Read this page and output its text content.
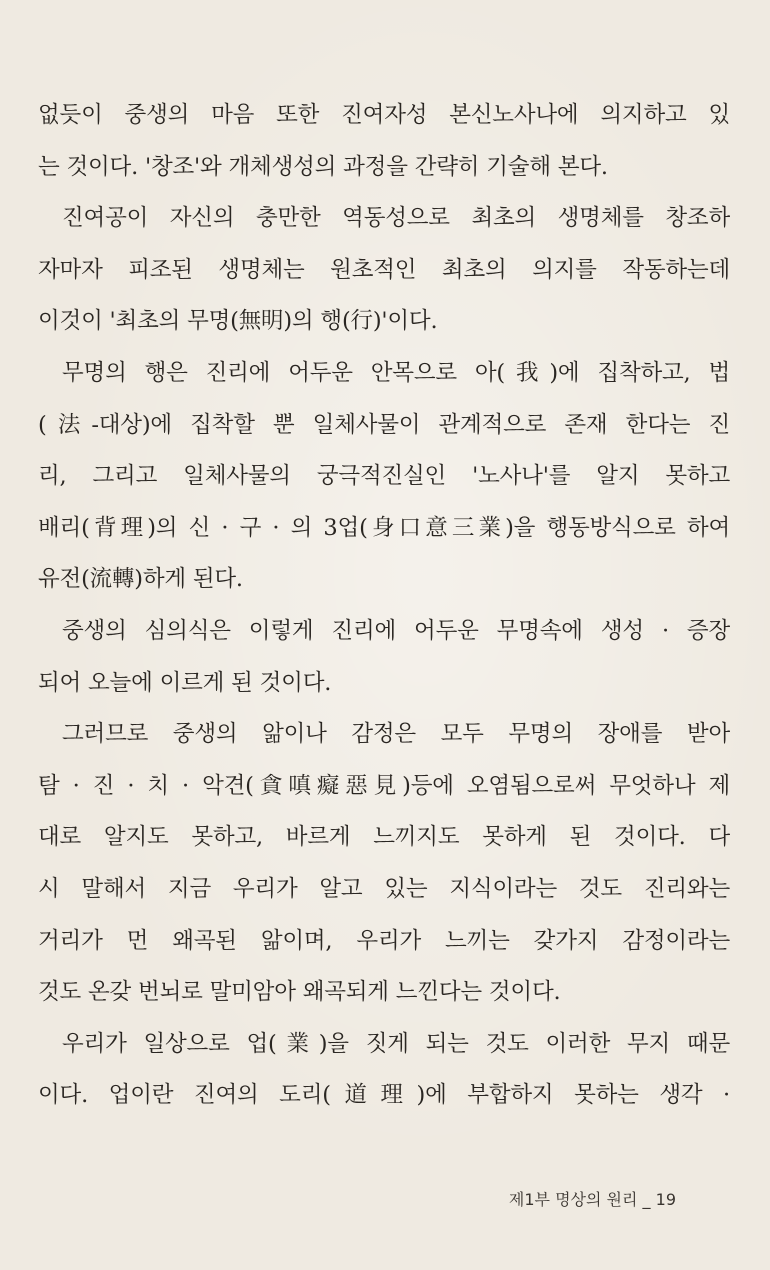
없듯이 중생의 마음 또한 진여자성 본신노사나에 의지하고 있
는 것이다. '창조'와 개체생성의 과정을 간략히 기술해 본다.
진여공이 자신의 충만한 역동성으로 최초의 생명체를 창조하
자마자 피조된 생명체는 원초적인 최초의 의지를 작동하는데
이것이 '최초의 무명(無明)의 행(行)'이다.
무명의 행은 진리에 어두운 안목으로 아(我)에 집착하고, 법
(法-대상)에 집착할 뿐 일체사물이 관계적으로 존재 한다는 진
리, 그리고 일체사물의 궁극적진실인 '노사나'를 알지 못하고
배리(背理)의 신 · 구 · 의 3업(身口意三業)을 행동방식으로 하여
유전(流轉)하게 된다.
중생의 심의식은 이렇게 진리에 어두운 무명속에 생성 · 증장
되어 오늘에 이르게 된 것이다.
그러므로 중생의 앎이나 감정은 모두 무명의 장애를 받아
탐 · 진 · 치 · 악견(貪嗔癡惡見)등에 오염됨으로써 무엇하나 제
대로 알지도 못하고, 바르게 느끼지도 못하게 된 것이다. 다
시 말해서 지금 우리가 알고 있는 지식이라는 것도 진리와는
거리가 먼 왜곡된 앎이며, 우리가 느끼는 갖가지 감정이라는
것도 온갖 번뇌로 말미암아 왜곡되게 느낀다는 것이다.
우리가 일상으로 업(業)을 짓게 되는 것도 이러한 무지 때문
이다. 업이란 진여의 도리(道理)에 부합하지 못하는 생각 ·
제1부 명상의 원리 _ 19
